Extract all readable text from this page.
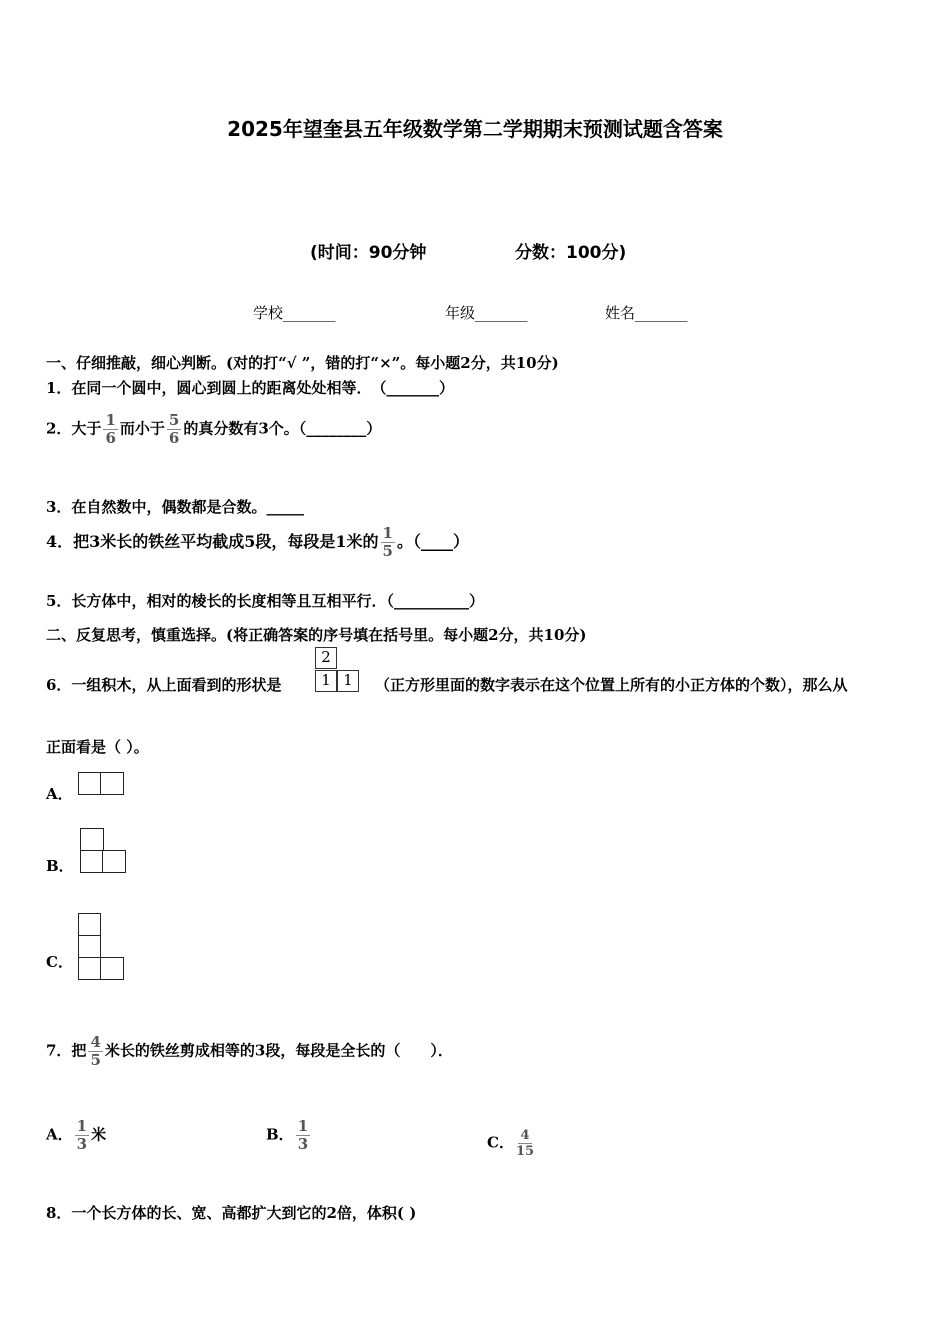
2025年望奎县五年级数学第二学期期末预测试题含答案
(时间：90分钟	分数：100分)
学校_______	年级_______	姓名_______
一、仔细推敲，细心判断。(对的打“√ ”，错的打“×”。每小题2分，共10分)
1．在同一个圆中，圆心到圆上的距离处处相等．　（_______）
2．大于 $\frac{1}{6}$ 而小于 $\frac{5}{6}$ 的真分数有3个。（________）
3．在自然数中，偶数都是合数。_____
4．把3米长的铁丝平均截成5段，每段是1米的 $\frac{1}{5}$ 。（____）
5．长方体中，相对的棱长的长度相等且互相平行．（__________）
二、反复思考，慎重选择。(将正确答案的序号填在括号里。每小题2分，共10分)
6．一组积木，从上面看到的形状是
2
1 1	（正方形里面的数字表示在这个位置上所有的小正方体的个数），那么从
正面看是（ ）。
A．
B．
C．
7．把 $\frac{4}{5}$ 米长的铁丝剪成相等的3段，每段是全长的（　　）．
A． $\frac{1}{3}$ 米	B． $\frac{1}{3}$	C． $\frac{4}{15}$
8．一个长方体的长、宽、高都扩大到它的2倍，体积( )
